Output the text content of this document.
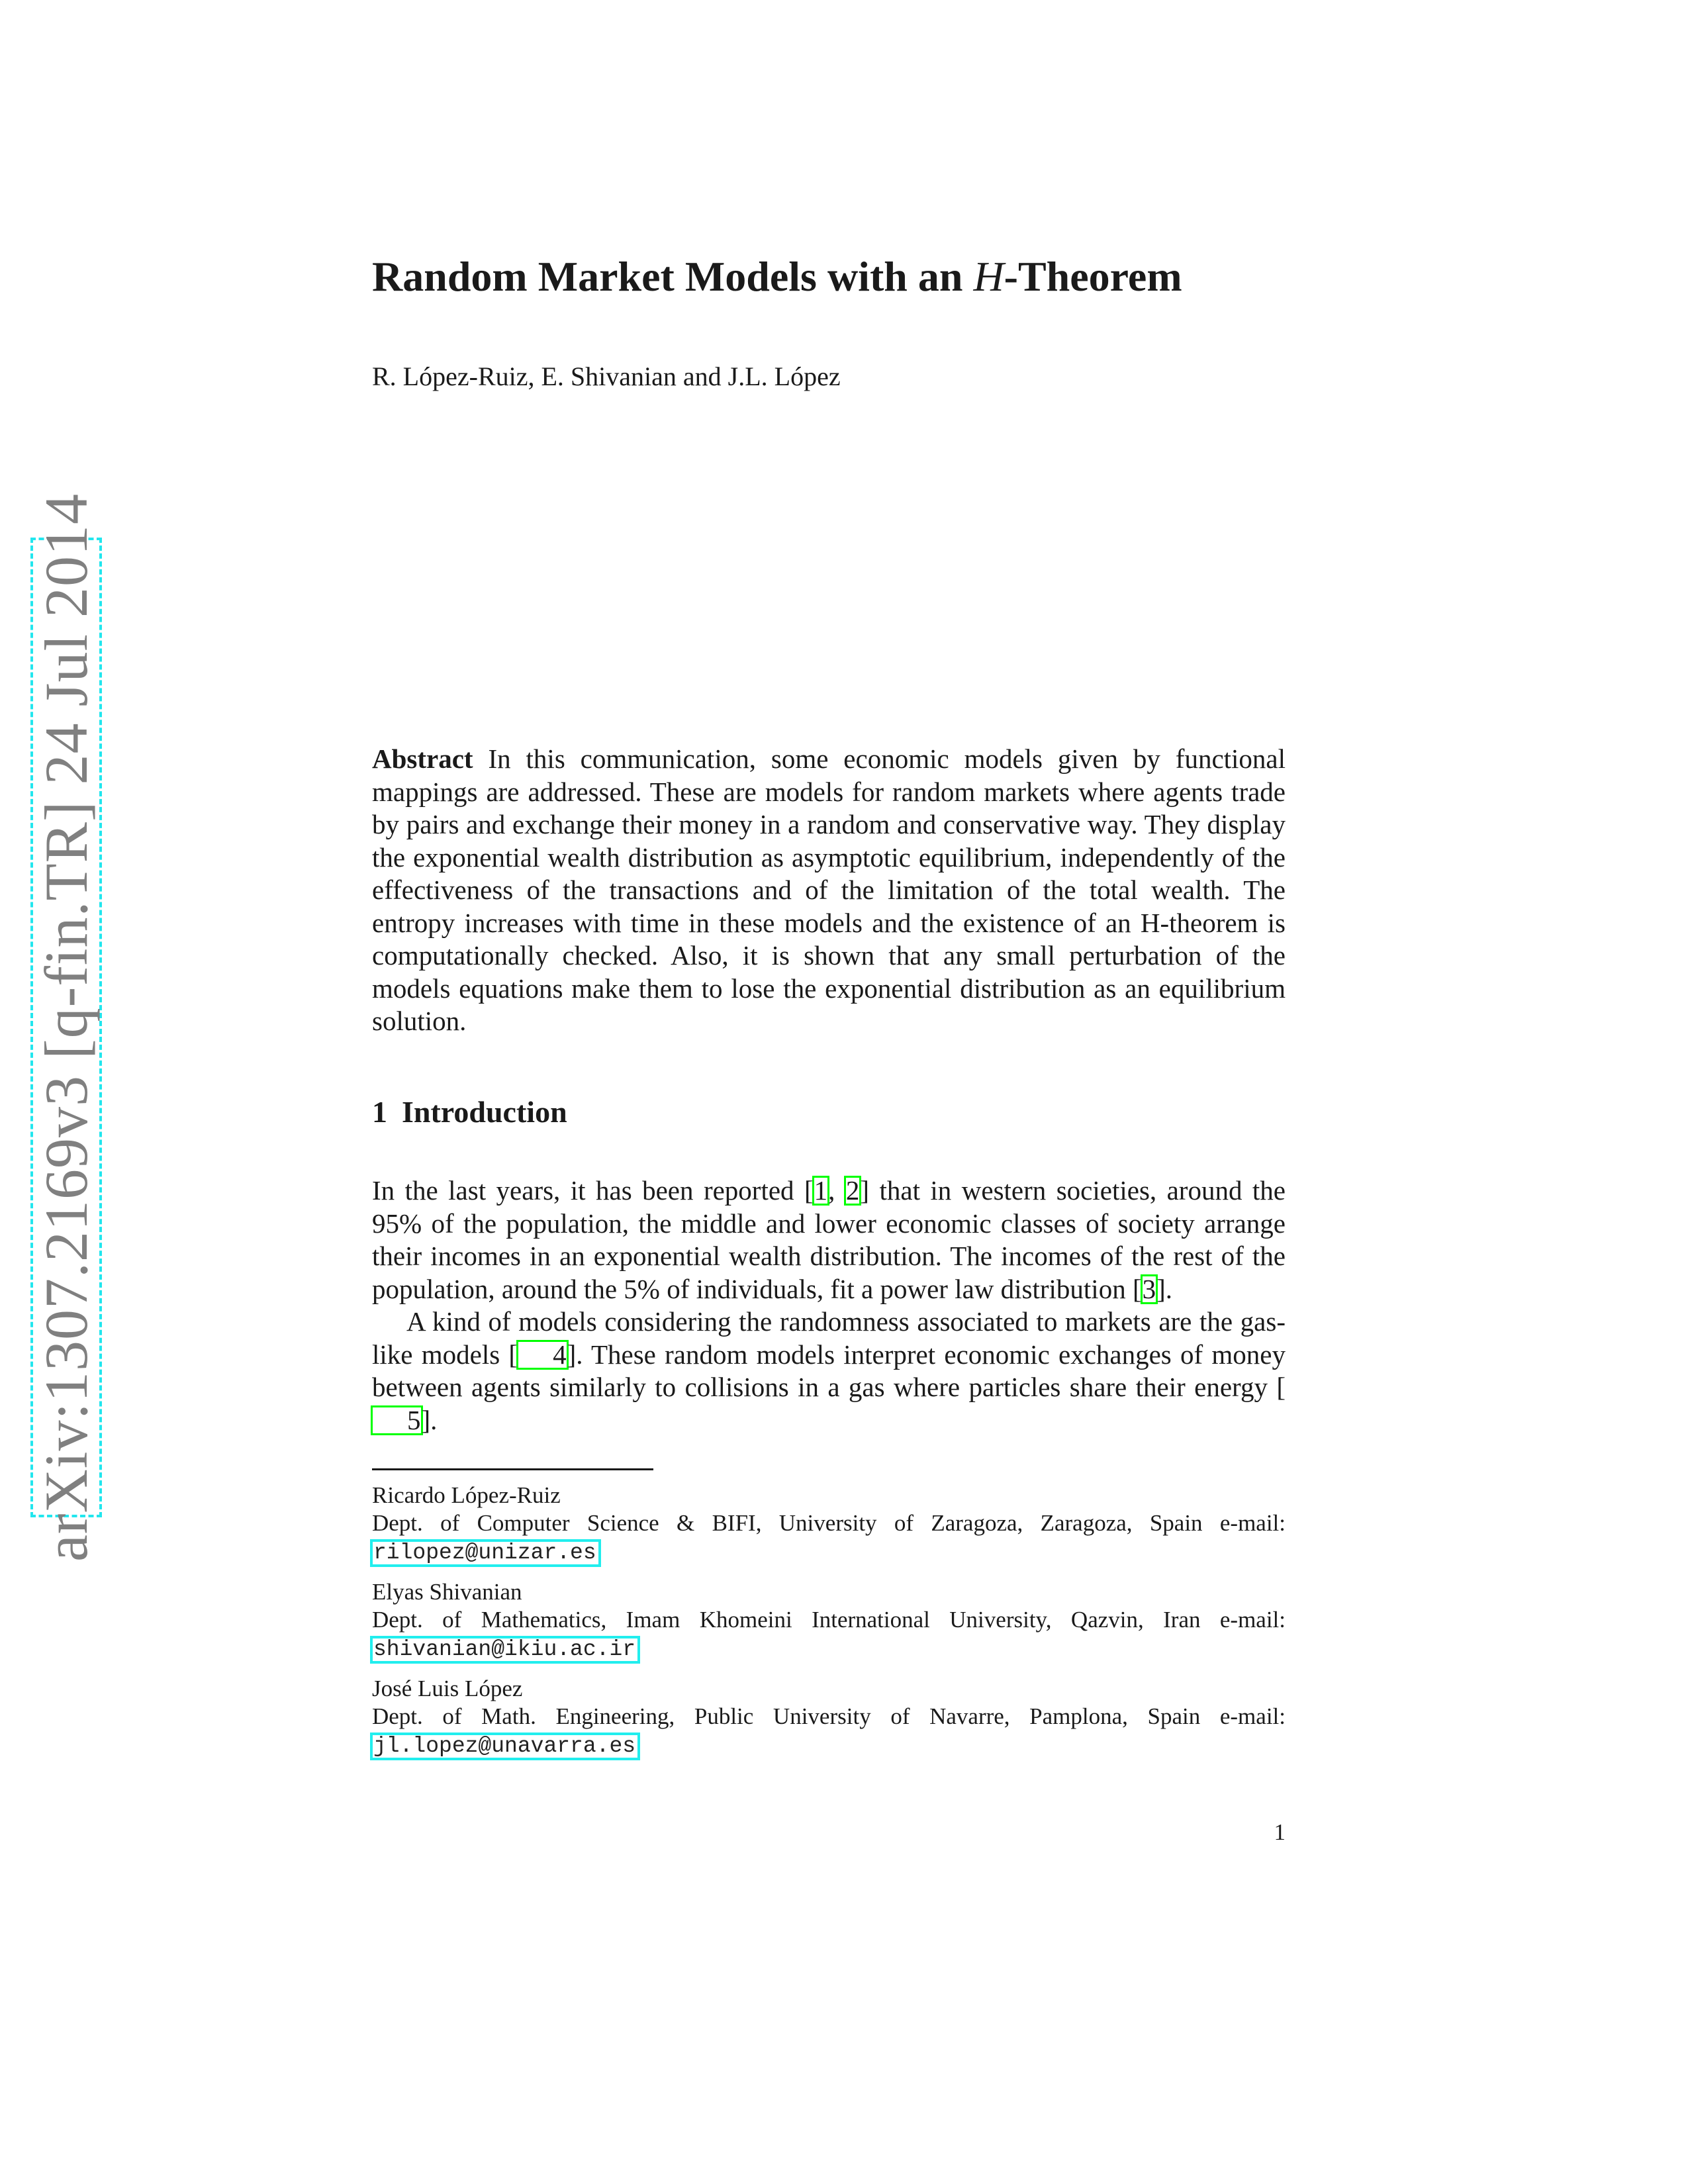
arXiv:1307.2169v3 [q-fin.TR] 24 Jul 2014
Random Market Models with an H-Theorem
R. López-Ruiz, E. Shivanian and J.L. López
Abstract In this communication, some economic models given by functional mappings are addressed. These are models for random markets where agents trade by pairs and exchange their money in a random and conservative way. They display the exponential wealth distribution as asymptotic equilibrium, independently of the effectiveness of the transactions and of the limitation of the total wealth. The entropy increases with time in these models and the existence of an H-theorem is computationally checked. Also, it is shown that any small perturbation of the models equations make them to lose the exponential distribution as an equilibrium solution.
1 Introduction

In the last years, it has been reported [1, 2] that in western societies, around the 95% of the population, the middle and lower economic classes of society arrange their incomes in an exponential wealth distribution. The incomes of the rest of the population, around the 5% of individuals, fit a power law distribution [3].

A kind of models considering the randomness associated to markets are the gas-like models [ 4]. These random models interpret economic exchanges of money between agents similarly to collisions in a gas where particles share their energy [5].

Ricardo López-Ruiz
Dept. of Computer Science & BIFI, University of Zaragoza, Zaragoza, Spain e-mail:
rilopez@unizar.es
Elyas Shivanian
Dept. of Mathematics, Imam Khomeini International University, Qazvin, Iran e-mail:
shivanian@ikiu.ac.ir
José Luis López
Dept. of Math. Engineering, Public University of Navarre, Pamplona, Spain e-mail:
jl.lopez@unavarra.es
1
